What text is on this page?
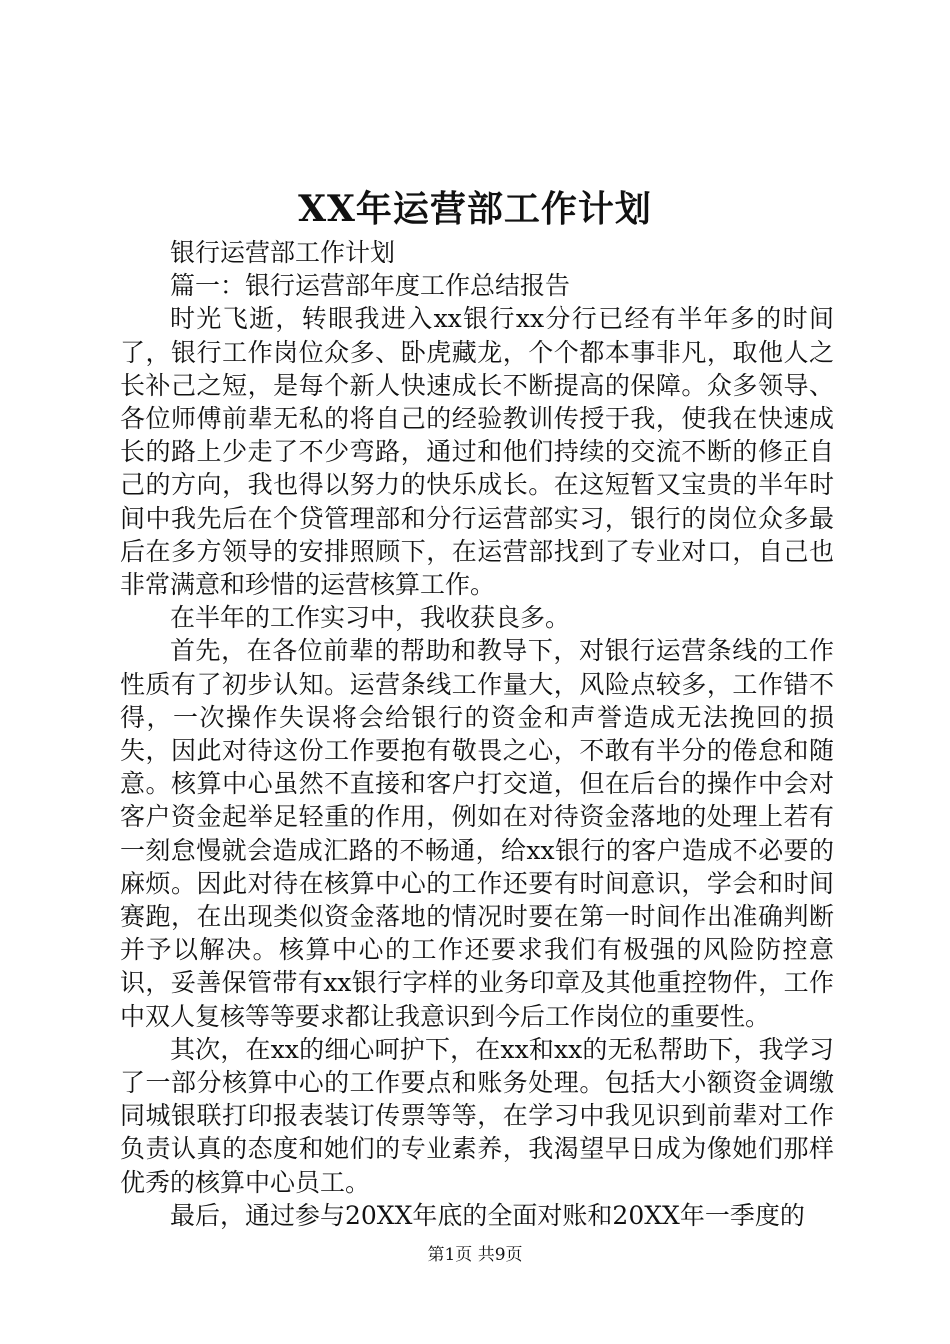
XX年运营部工作计划
银行运营部工作计划
篇一：银行运营部年度工作总结报告

时光飞逝，转眼我进入xx银行xx分行已经有半年多的时间了，银行工作岗位众多、卧虎藏龙，个个都本事非凡，取他人之长补己之短，是每个新人快速成长不断提高的保障。众多领导、各位师傅前辈无私的将自己的经验教训传授于我，使我在快速成长的路上少走了不少弯路，通过和他们持续的交流不断的修正自己的方向，我也得以努力的快乐成长。在这短暂又宝贵的半年时间中我先后在个贷管理部和分行运营部实习，银行的岗位众多最后在多方领导的安排照顾下，在运营部找到了专业对口，自己也非常满意和珍惜的运营核算工作。

在半年的工作实习中，我收获良多。

首先，在各位前辈的帮助和教导下，对银行运营条线的工作性质有了初步认知。运营条线工作量大，风险点较多，工作错不得，一次操作失误将会给银行的资金和声誉造成无法挽回的损失，因此对待这份工作要抱有敬畏之心，不敢有半分的倦怠和随意。核算中心虽然不直接和客户打交道，但在后台的操作中会对客户资金起举足轻重的作用，例如在对待资金落地的处理上若有一刻怠慢就会造成汇路的不畅通，给xx银行的客户造成不必要的麻烦。因此对待在核算中心的工作还要有时间意识，学会和时间赛跑，在出现类似资金落地的情况时要在第一时间作出准确判断并予以解决。核算中心的工作还要求我们有极强的风险防控意识，妥善保管带有xx银行字样的业务印章及其他重控物件，工作中双人复核等等要求都让我意识到今后工作岗位的重要性。

其次，在xx的细心呵护下，在xx和xx的无私帮助下，我学习了一部分核算中心的工作要点和账务处理。包括大小额资金调缴同城银联打印报表装订传票等等，在学习中我见识到前辈对工作负责认真的态度和她们的专业素养，我渴望早日成为像她们那样优秀的核算中心员工。

最后，通过参与20XX年底的全面对账和20XX年一季度的

第1页 共9页
